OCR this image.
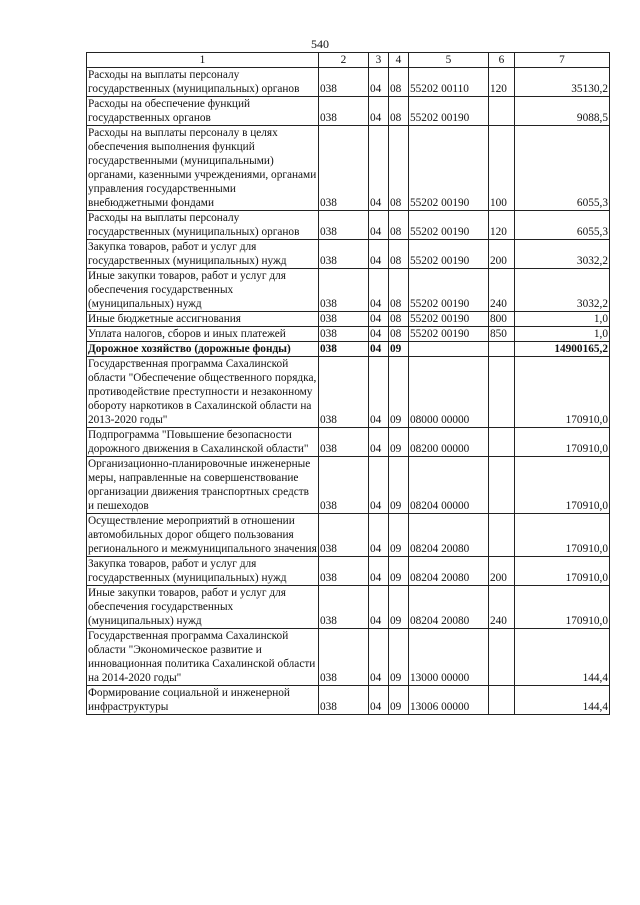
540
1	2	3	4	5	6	7
Расходы на выплаты персоналу государственных (муниципальных) органов	038	04	08	55202 00110	120	35130,2
Расходы на обеспечение функций государственных органов	038	04	08	55202 00190		9088,5
Расходы на выплаты персоналу в целях обеспечения выполнения функций государственными (муниципальными) органами, казенными учреждениями, органами управления государственными внебюджетными фондами	038	04	08	55202 00190	100	6055,3
Расходы на выплаты персоналу государственных (муниципальных) органов	038	04	08	55202 00190	120	6055,3
Закупка товаров, работ и услуг для государственных (муниципальных) нужд	038	04	08	55202 00190	200	3032,2
Иные закупки товаров, работ и услуг для обеспечения государственных (муниципальных) нужд	038	04	08	55202 00190	240	3032,2
Иные бюджетные ассигнования	038	04	08	55202 00190	800	1,0
Уплата налогов, сборов и иных платежей	038	04	08	55202 00190	850	1,0
Дорожное хозяйство (дорожные фонды)	038	04	09			14900165,2
Государственная программа Сахалинской области "Обеспечение общественного порядка, противодействие преступности и незаконному обороту наркотиков в Сахалинской области на 2013-2020 годы"	038	04	09	08000 00000		170910,0
Подпрограмма "Повышение безопасности дорожного движения в Сахалинской области"	038	04	09	08200 00000		170910,0
Организационно-планировочные инженерные меры, направленные на совершенствование организации движения транспортных средств и пешеходов	038	04	09	08204 00000		170910,0
Осуществление мероприятий в отношении автомобильных дорог общего пользования регионального и межмуниципального значения	038	04	09	08204 20080		170910,0
Закупка товаров, работ и услуг для государственных (муниципальных) нужд	038	04	09	08204 20080	200	170910,0
Иные закупки товаров, работ и услуг для обеспечения государственных (муниципальных) нужд	038	04	09	08204 20080	240	170910,0
Государственная программа Сахалинской области "Экономическое развитие и инновационная политика Сахалинской области на 2014-2020 годы"	038	04	09	13000 00000		144,4
Формирование социальной и инженерной инфраструктуры	038	04	09	13006 00000		144,4
